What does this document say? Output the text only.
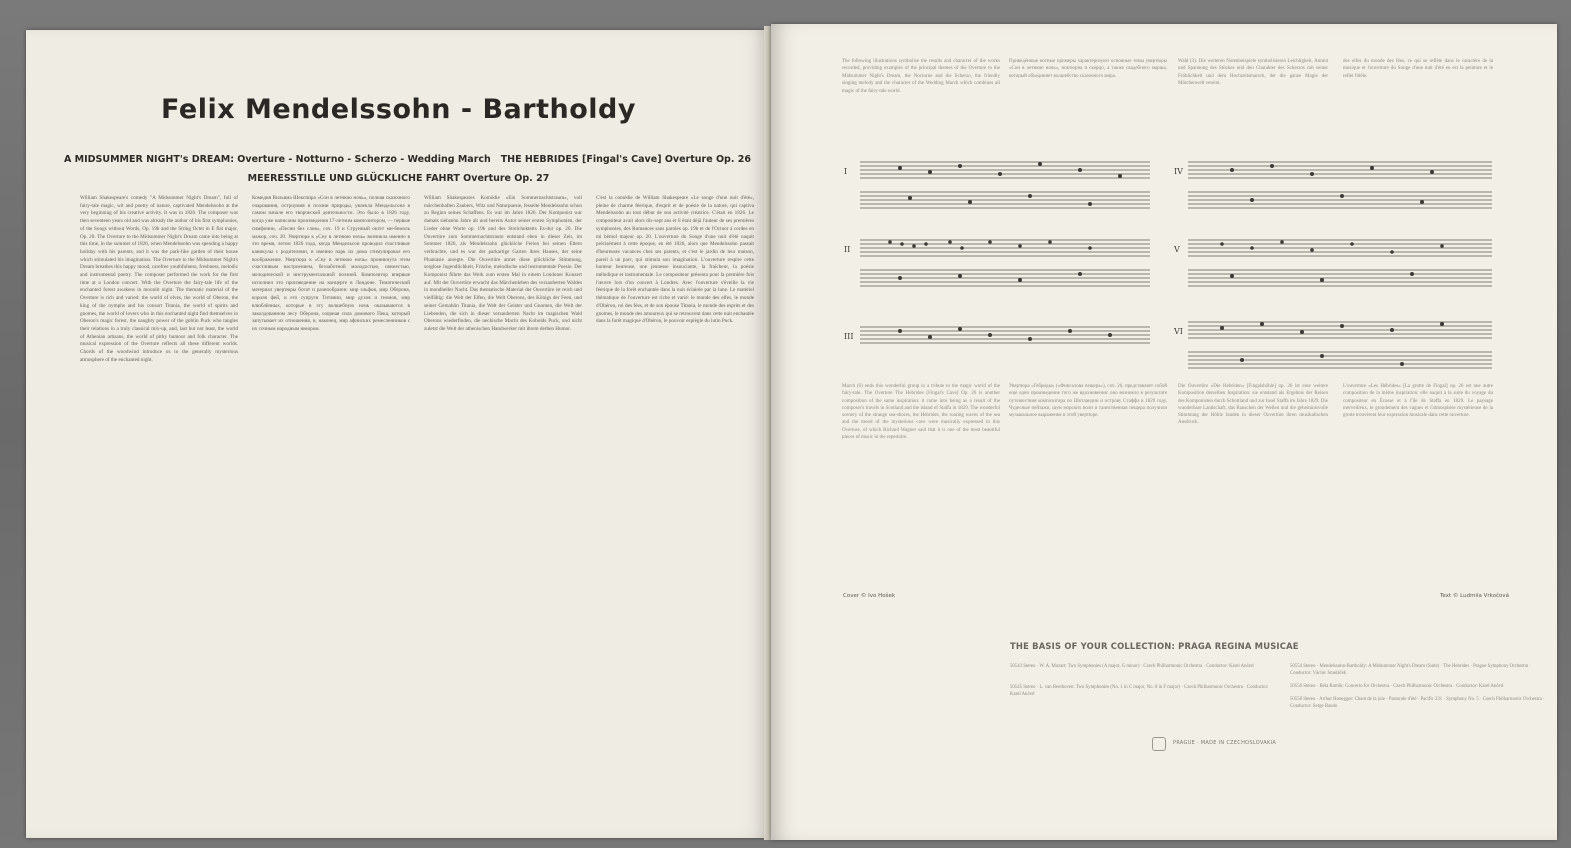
Felix Mendelssohn - Bartholdy
A MIDSUMMER NIGHT's DREAM: Overture - Notturno - Scherzo - Wedding March THE HEBRIDES [Fingal's Cave] Overture Op. 26
MEERESSTILLE UND GLÜCKLICHE FAHRT Overture Op. 27
William Shakespeare's comedy "A Midsummer Night's Dream", full of fairy-tale magic, wit and poetry of nature, captivated Mendelssohn at the very beginning of his creative activity. It was in 1826. The composer was then seventeen years old and was already the author of his first symphonies, of the Songs without Words, Op. 19b and the String Octet in E flat major, Op. 20. The Overture to the Midsummer Night's Dream came into being at this time, in the summer of 1826, when Mendelssohn was spending a happy holiday with his parents, and it was the park-like garden of their house which stimulated his imagination. The Overture to the Midsummer Night's Dream breathes this happy mood, carefree youthfulness, freshness, melodic and instrumental poetry. The composer performed the work for the first time at a London concert. With the Overture the fairy-tale life of the enchanted forest awakens in moonlit night. The thematic material of the Overture is rich and varied: the world of elves, the world of Oberon, the king of the nymphs and his consort Titania, the world of spirits and gnomes, the world of lovers who in this enchanted night find themselves in Oberon's magic forest, the naughty power of the goblin Puck who tangles their relations in a truly classical mix-up, and, last but not least, the world of Athenian artisans, the world of pithy humour and folk character. The musical expression of the Overture reflects all these different worlds. Chords of the woodwind introduce us to the generally mysterious atmosphere of the enchanted night.
Комедия Вильяма Шекспира «Сон в летнюю ночь», полная сказочного очарования, остроумия и поэзии природы, увлекла Мендельсона в самом начале его творческой деятельности. Это было в 1826 году, когда уже написаны произведения 17-летним композитором, — первые симфонии, «Песни без слов», соч. 19 и Струнный октет ми-бемоль мажор, соч. 20. Увертюра к «Сну в летнюю ночь» возникла именно в это время, летом 1826 года, когда Мендельсон проводил счастливые каникулы с родителями, и именно парк их дома стимулировал его воображение. Увертюра к «Сну в летнюю ночь» проникнута этим счастливым настроением, беззаботной молодостью, свежестью, мелодической и инструментальной поэзией. Композитор впервые исполнил это произведение на концерте в Лондоне. Тематический материал увертюры богат и разнообразен: мир эльфов, мир Оберона, короля фей, и его супруги Титании, мир духов и гномов, мир влюблённых, которые в эту волшебную ночь оказываются в заколдованном лесу Оберона, озорная сила домового Пека, который запутывает их отношения, и, наконец, мир афинских ремесленников с их сочным народным юмором.
William Shakespeares Komödie «Ein Sommernachtstraum», voll märchenhaften Zaubers, Witz und Naturpoesie, fesselte Mendelssohn schon zu Beginn seines Schaffens. Es war im Jahre 1826. Der Komponist war damals siebzehn Jahre alt und bereits Autor seiner ersten Symphonien, der Lieder ohne Worte op. 19b und des Streichoktetts Es-dur op. 20. Die Ouvertüre zum Sommernachtstraum entstand eben in dieser Zeit, im Sommer 1826, als Mendelssohn glückliche Ferien bei seinen Eltern verbrachte, und es war der parkartige Garten ihres Hauses, der seine Phantasie anregte. Die Ouvertüre atmet diese glückliche Stimmung, sorglose Jugendlichkeit, Frische, melodische und instrumentale Poesie. Der Komponist führte das Werk zum ersten Mal in einem Londoner Konzert auf. Mit der Ouvertüre erwacht das Märchenleben des verzauberten Waldes in mondheller Nacht. Das thematische Material der Ouvertüre ist reich und vielfältig: die Welt der Elfen, die Welt Oberons, des Königs der Feen, und seiner Gemahlin Titania, die Welt der Geister und Gnomen, die Welt der Liebenden, die sich in dieser verzauberten Nacht im magischen Wald Oberons wiederfinden, die neckische Macht des Kobolds Puck, und nicht zuletzt die Welt der athenischen Handwerker mit ihrem derben Humor.
C'est la comédie de William Shakespeare «Le songe d'une nuit d'été», pleine de charme féerique, d'esprit et de poésie de la nature, qui captiva Mendelssohn au tout début de son activité créatrice. C'était en 1826. Le compositeur avait alors dix-sept ans et il était déjà l'auteur de ses premières symphonies, des Romances sans paroles op. 19b et de l'Octuor à cordes en mi bémol majeur op. 20. L'ouverture du Songe d'une nuit d'été naquit précisément à cette époque, en été 1826, alors que Mendelssohn passait d'heureuses vacances chez ses parents, et c'est le jardin de leur maison, pareil à un parc, qui stimula son imagination. L'ouverture respire cette humeur heureuse, une jeunesse insouciante, la fraîcheur, la poésie mélodique et instrumentale. Le compositeur présenta pour la première fois l'œuvre lors d'un concert à Londres. Avec l'ouverture s'éveille la vie féerique de la forêt enchantée dans la nuit éclairée par la lune. Le matériel thématique de l'ouverture est riche et varié: le monde des elfes, le monde d'Obéron, roi des fées, et de son épouse Titania, le monde des esprits et des gnomes, le monde des amoureux qui se retrouvent dans cette nuit enchantée dans la forêt magique d'Obéron, le pouvoir espiègle du lutin Puck.
The following illustrations symbolise the results and character of the works recorded, providing examples of the principal themes of the Overture to the Midsummer Night's Dream, the Nocturne and the Scherzo, the friendly singing melody and the character of the Wedding March which combines all magic of the fairy-tale world.
Приведённые нотные примеры характеризуют основные темы увертюры «Сон в летнюю ночь», ноктюрна и скерцо, а также свадебного марша, который объединяет волшебство сказочного мира.
Wald (3). Die weiteren Notenbeispiele symbolisieren Leichtigkeit, Anmut und Spannung des Stückes und den Charakter des Scherzos mit seiner Fröhlichkeit und dem Hochzeitsmarsch, der die ganze Magie der Märchenwelt vereint.
des elfes du monde des fées, ce qui se reflète dans le caractère de la musique et l'ouverture du Songe d'une nuit d'été en est la peinture et le reflet fidèle.
I
II
III
IV
V
VI
March (6) ends this wonderful group in a tribute to the magic world of the fairy-tale. The Overture The Hebrides [Fingal's Cave] Op. 26 is another composition of the same inspiration: it came into being as a result of the composer's travels in Scotland and the island of Staffa in 1829. The wonderful scenery of the strange sea-shores, the Hebrides, the roaring waves of the sea and the mood of the mysterious cave were musically expressed in this Overture, of which Richard Wagner said that it is one of the most beautiful pieces of music in the repertoire.
Увертюра «Гебриды» («Фингалова пещера»), соч. 26, представляет собой ещё одно произведение того же вдохновения: оно возникло в результате путешествия композитора по Шотландии и острову Стаффа в 1829 году. Чудесные пейзажи, шум морских волн и таинственная пещера получили музыкальное выражение в этой увертюре.
Die Ouvertüre «Die Hebriden» [Fingalshöhle] op. 26 ist eine weitere Komposition derselben Inspiration: sie entstand als Ergebnis der Reisen des Komponisten durch Schottland und zur Insel Staffa im Jahre 1829. Die wunderbare Landschaft, das Rauschen der Wellen und die geheimnisvolle Stimmung der Höhle fanden in dieser Ouvertüre ihren musikalischen Ausdruck.
L'ouverture «Les Hébrides» [La grotte de Fingal] op. 26 est une autre composition de la même inspiration: elle naquit à la suite du voyage du compositeur en Écosse et à l'île de Staffa en 1829. Le paysage merveilleux, le grondement des vagues et l'atmosphère mystérieuse de la grotte trouvèrent leur expression musicale dans cette ouverture.
Cover © Ivo Hošek	Text © Ludmila Vrkočová
THE BASIS OF YOUR COLLECTION: PRAGA REGINA MUSICAE
50543 Stereo · W. A. Mozart: Two Symphonies (A major, G minor) · Czech Philharmonic Orchestra · Conductor: Karel Ančerl
50545 Stereo · L. van Beethoven: Two Symphonies (No. 1 in C major, No. 8 in F major) · Czech Philharmonic Orchestra · Conductor: Karel Ančerl
50554 Stereo · Mendelssohn-Bartholdy: A Midsummer Night's Dream (Suite) · The Hebrides · Prague Symphony Orchestra · Conductor: Václav Smetáček
50556 Stereo · Béla Bartók: Concerto for Orchestra · Czech Philharmonic Orchestra · Conductor: Karel Ančerl
50558 Stereo · Arthur Honegger: Chant de la joie · Pastorale d'été · Pacific 231 · Symphony No. 5 · Czech Philharmonic Orchestra · Conductor: Serge Baudo
PRAGUE · MADE IN CZECHOSLOVAKIA
